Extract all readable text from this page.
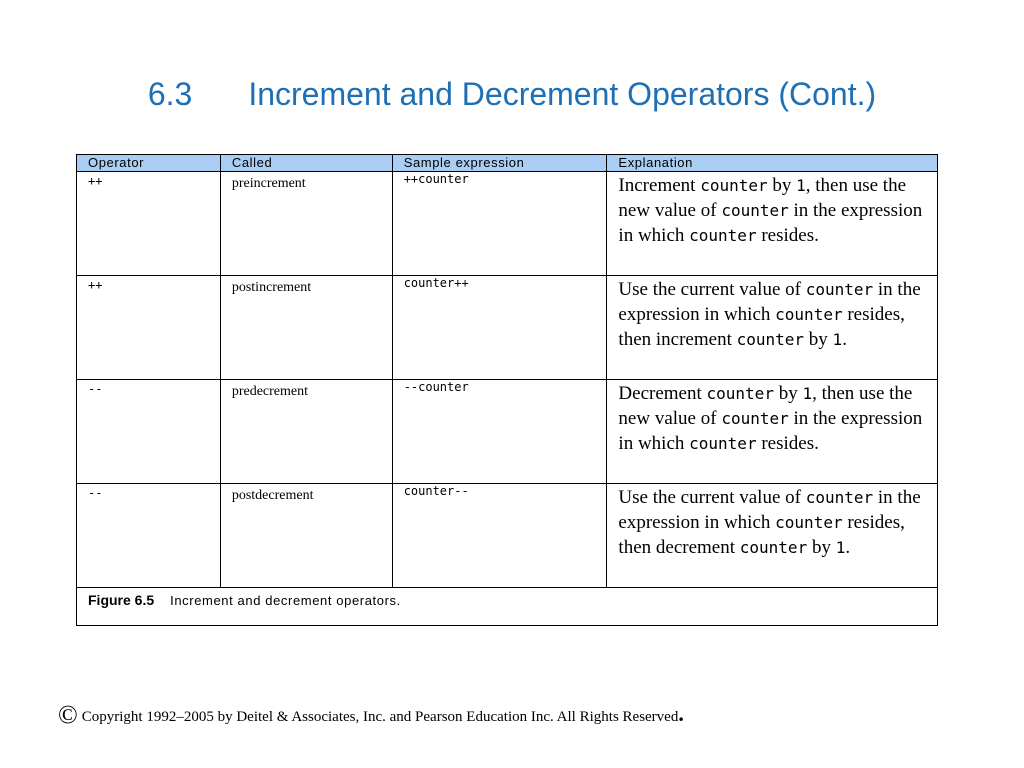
6.3 Increment and Decrement Operators (Cont.)
Operator	Called	Sample expression	Explanation
++	preincrement	++counter	Increment counter by 1, then use the new value of counter in the expression in which counter resides.
++	postincrement	counter++	Use the current value of counter in the expression in which counter resides, then increment counter by 1.
--	predecrement	--counter	Decrement counter by 1, then use the new value of counter in the expression in which counter resides.
--	postdecrement	counter--	Use the current value of counter in the expression in which counter resides, then decrement counter by 1.
Figure 6.5 Increment and decrement operators.			
© Copyright 1992–2005 by Deitel & Associates, Inc. and Pearson Education Inc. All Rights Reserved.
